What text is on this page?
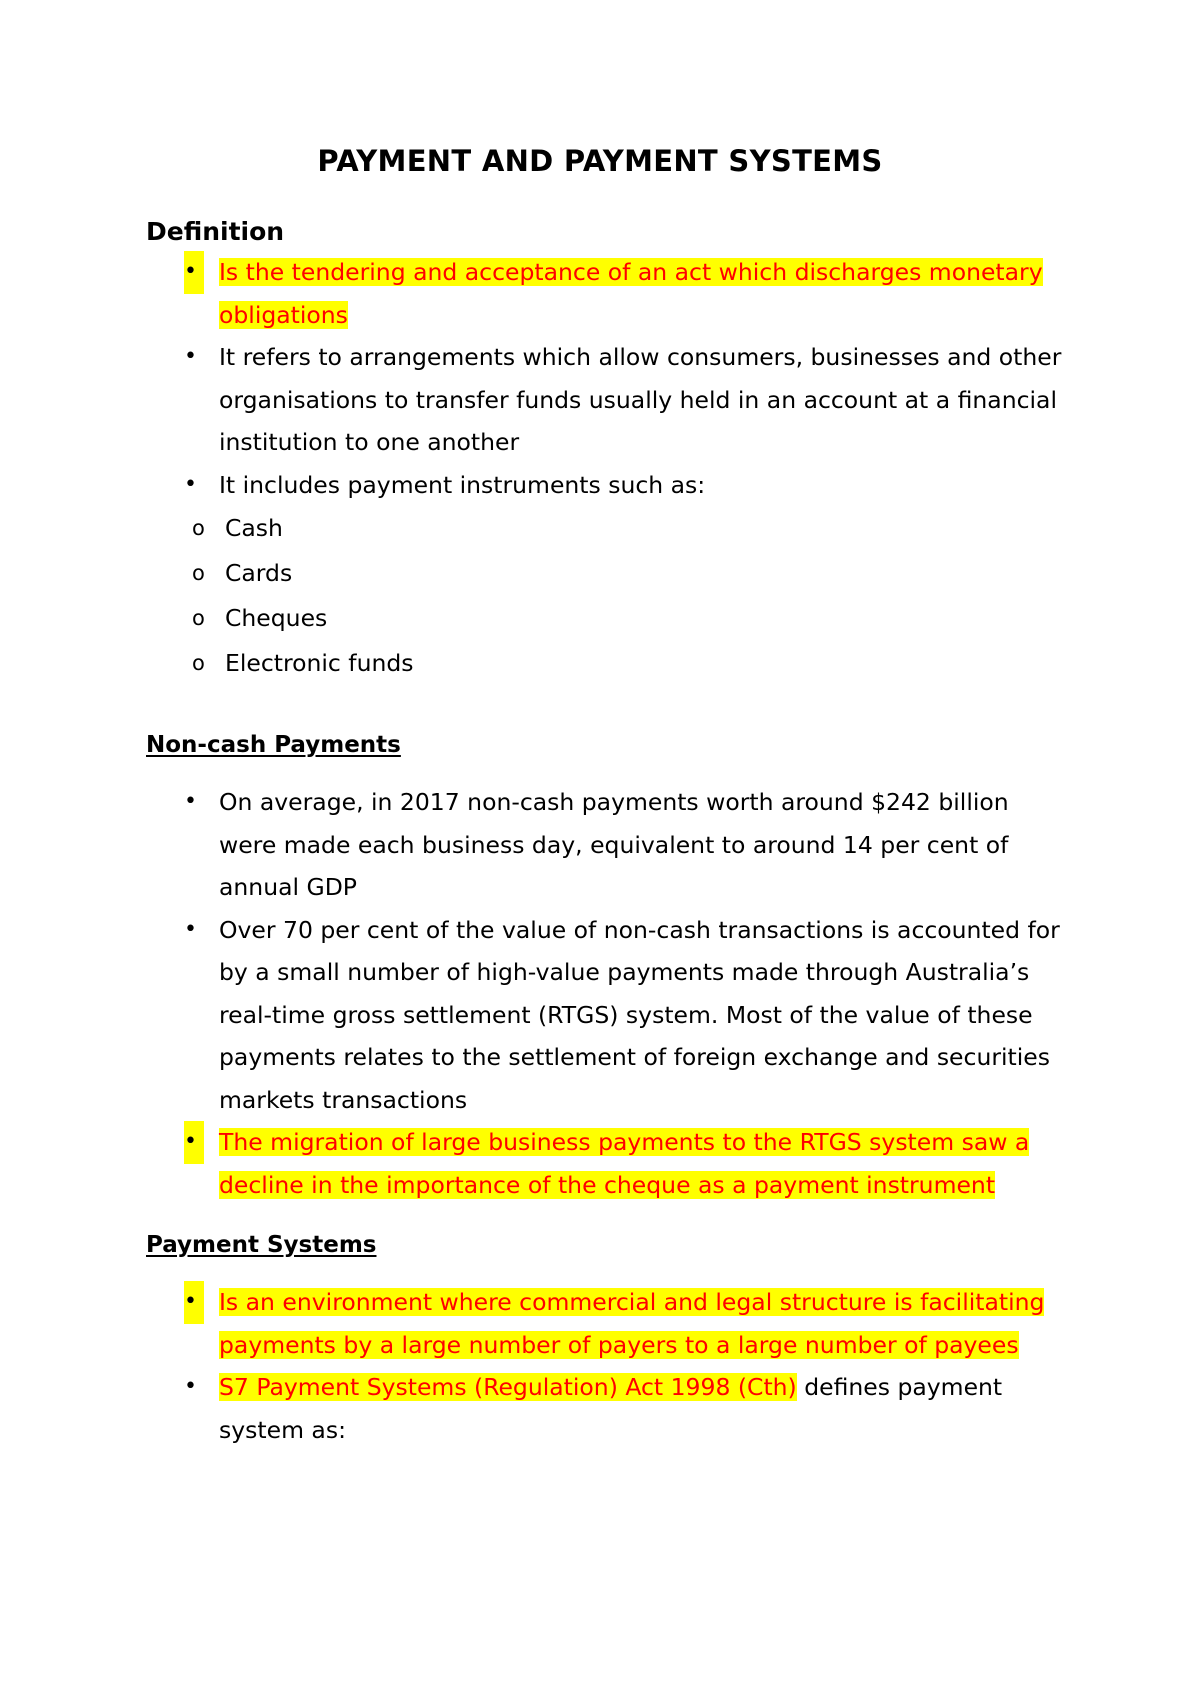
PAYMENT AND PAYMENT SYSTEMS
Definition
• Is the tendering and acceptance of an act which discharges monetary obligations
• It refers to arrangements which allow consumers, businesses and other organisations to transfer funds usually held in an account at a financial institution to one another
• It includes payment instruments such as:
o Cash
o Cards
o Cheques
o Electronic funds
Non-cash Payments
• On average, in 2017 non-cash payments worth around $242 billion were made each business day, equivalent to around 14 per cent of annual GDP
• Over 70 per cent of the value of non-cash transactions is accounted for by a small number of high-value payments made through Australia’s real-time gross settlement (RTGS) system. Most of the value of these payments relates to the settlement of foreign exchange and securities markets transactions
• The migration of large business payments to the RTGS system saw a decline in the importance of the cheque as a payment instrument
Payment Systems
• Is an environment where commercial and legal structure is facilitating payments by a large number of payers to a large number of payees
• S7 Payment Systems (Regulation) Act 1998 (Cth) defines payment system as:
